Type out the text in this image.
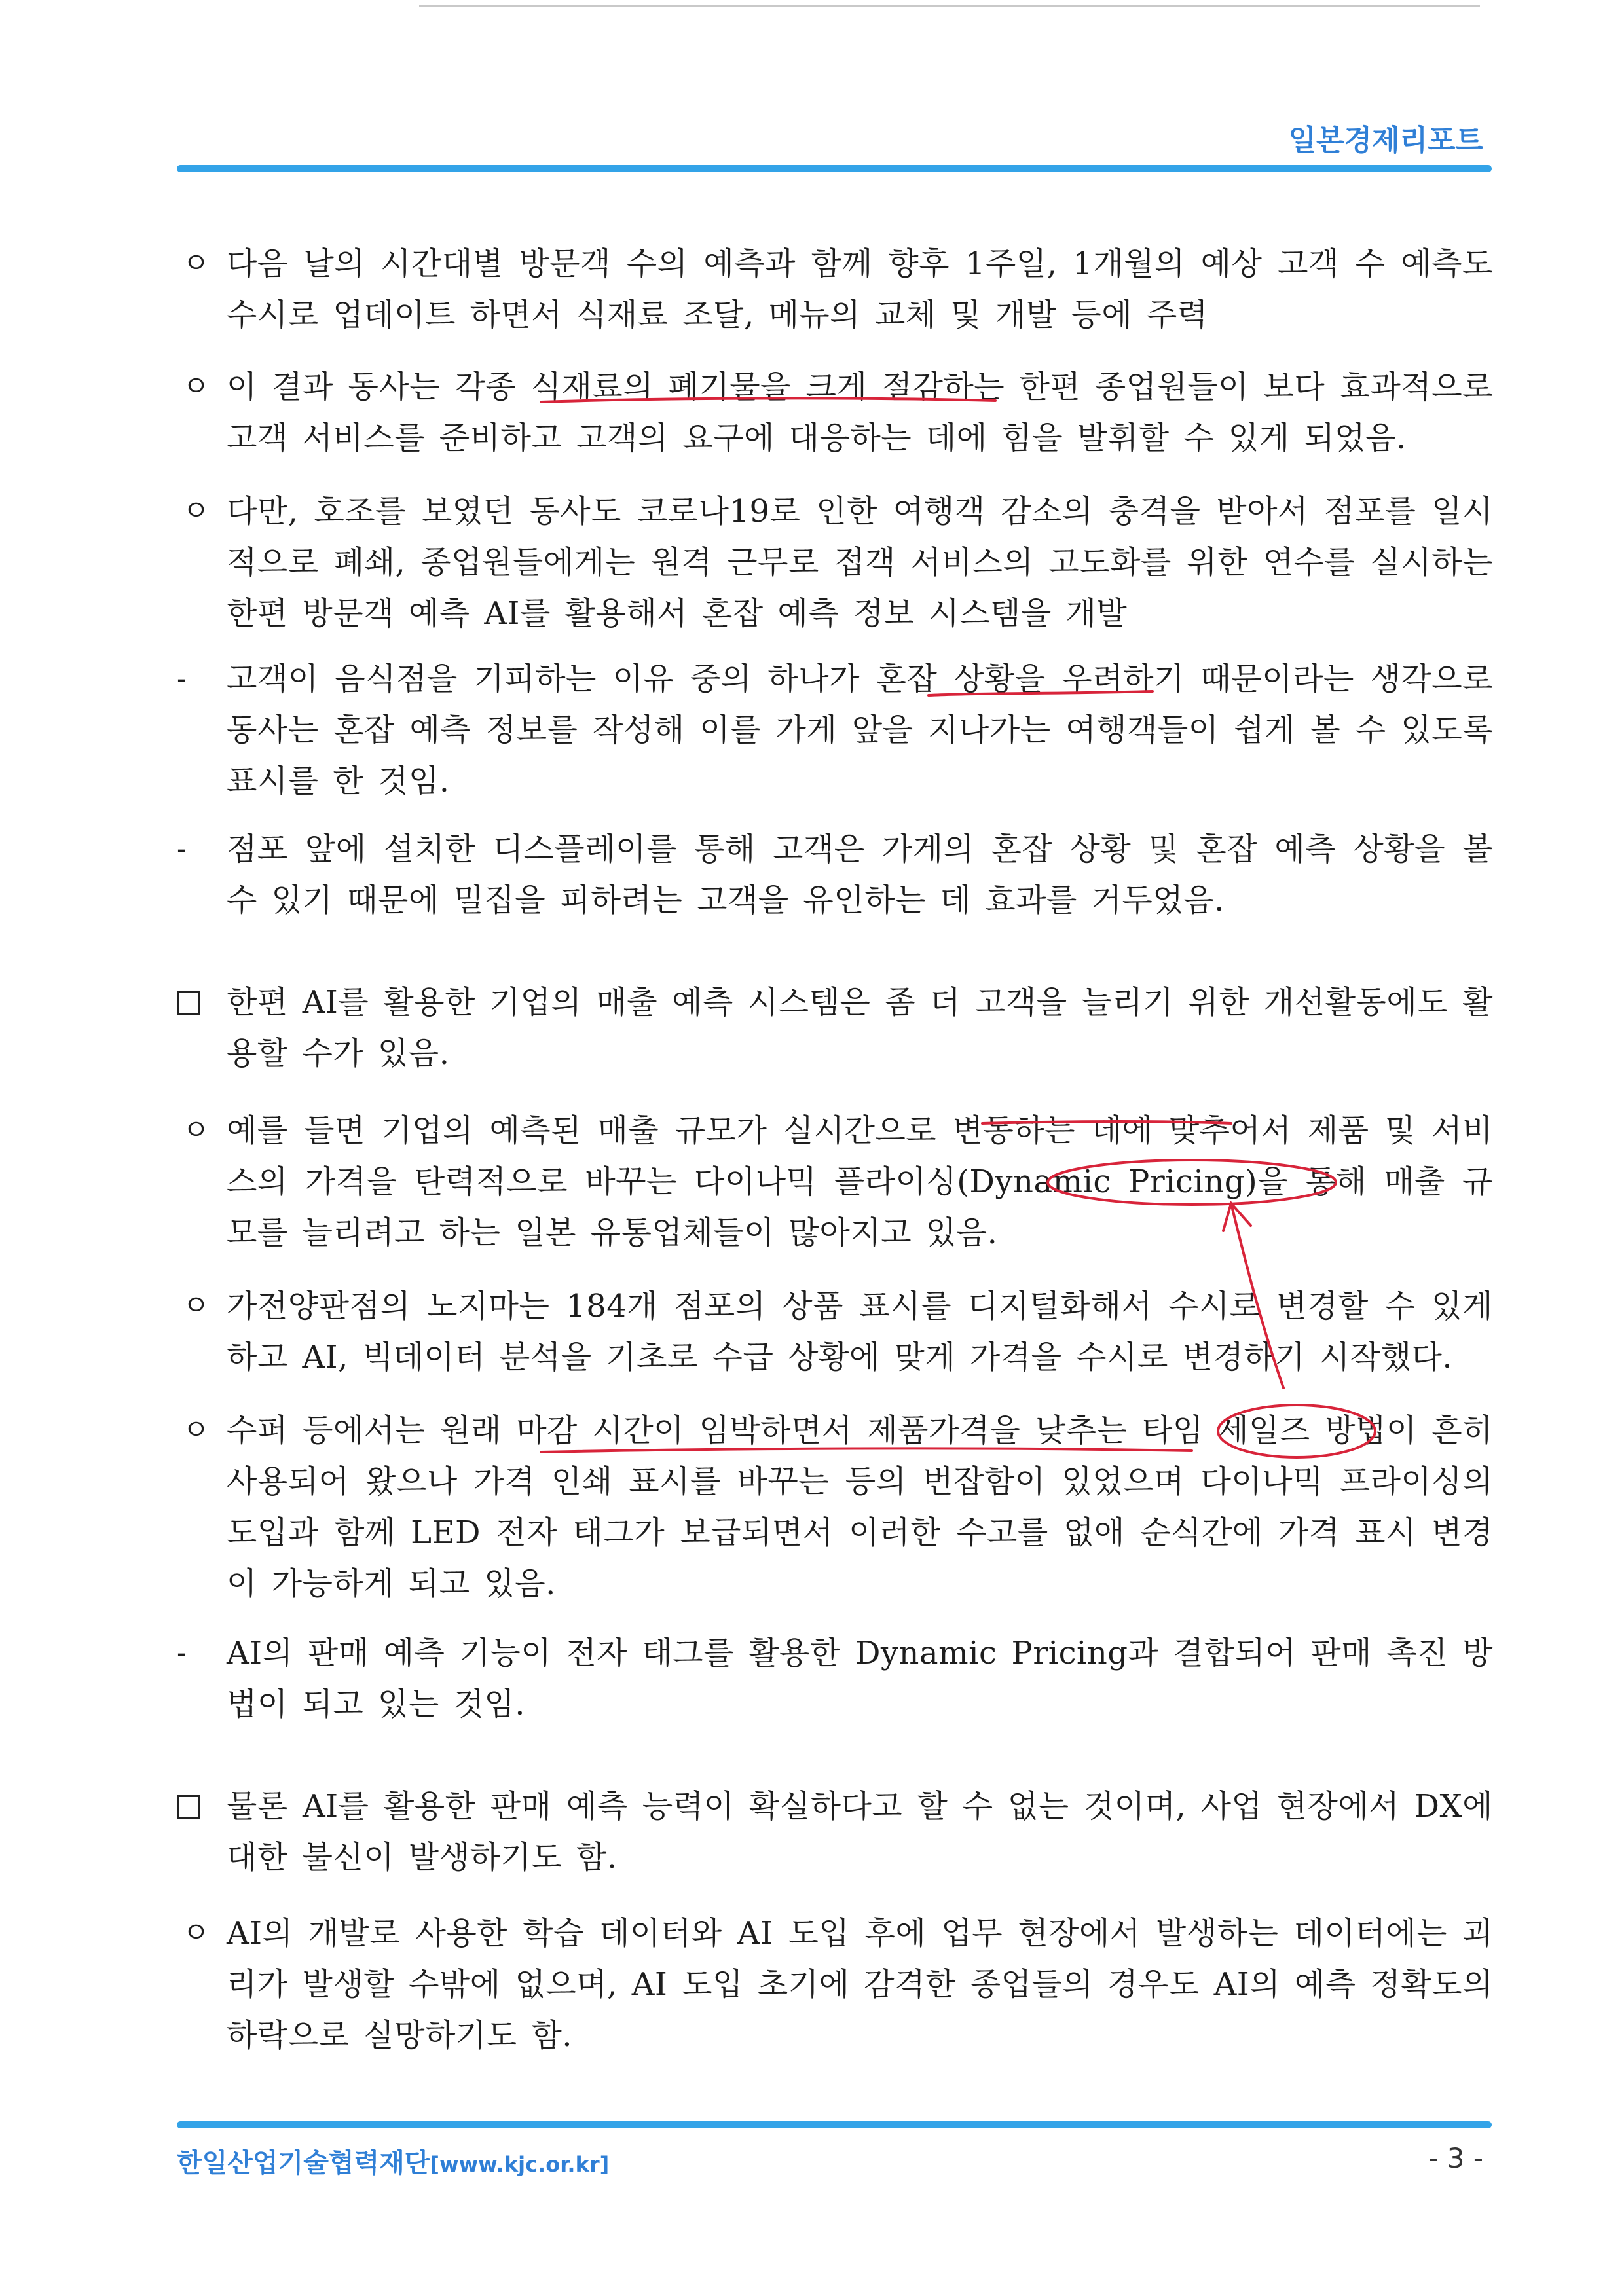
일본경제리포트
ㅇ 다음 날의 시간대별 방문객 수의 예측과 함께 향후 1주일, 1개월의 예상 고객 수 예측도 수시로 업데이트 하면서 식재료 조달, 메뉴의 교체 및 개발 등에 주력
ㅇ 이 결과 동사는 각종 식재료의 폐기물을 크게 절감하는 한편 종업원들이 보다 효과적으로 고객 서비스를 준비하고 고객의 요구에 대응하는 데에 힘을 발휘할 수 있게 되었음.
ㅇ 다만, 호조를 보였던 동사도 코로나19로 인한 여행객 감소의 충격을 받아서 점포를 일시적으로 폐쇄, 종업원들에게는 원격 근무로 접객 서비스의 고도화를 위한 연수를 실시하는 한편 방문객 예측 AI를 활용해서 혼잡 예측 정보 시스템을 개발
- 고객이 음식점을 기피하는 이유 중의 하나가 혼잡 상황을 우려하기 때문이라는 생각으로 동사는 혼잡 예측 정보를 작성해 이를 가게 앞을 지나가는 여행객들이 쉽게 볼 수 있도록 표시를 한 것임.
- 점포 앞에 설치한 디스플레이를 통해 고객은 가게의 혼잡 상황 및 혼잡 예측 상황을 볼 수 있기 때문에 밀집을 피하려는 고객을 유인하는 데 효과를 거두었음.
한편 AI를 활용한 기업의 매출 예측 시스템은 좀 더 고객을 늘리기 위한 개선활동에도 활용할 수가 있음.
ㅇ 예를 들면 기업의 예측된 매출 규모가 실시간으로 변동하는 데에 맞추어서 제품 및 서비스의 가격을 탄력적으로 바꾸는 다이나믹 플라이싱(Dynamic Pricing)을 통해 매출 규모를 늘리려고 하는 일본 유통업체들이 많아지고 있음.
ㅇ 가전양판점의 노지마는 184개 점포의 상품 표시를 디지털화해서 수시로 변경할 수 있게 하고 AI, 빅데이터 분석을 기초로 수급 상황에 맞게 가격을 수시로 변경하기 시작했다.
ㅇ 수퍼 등에서는 원래 마감 시간이 임박하면서 제품가격을 낮추는 타임 세일즈 방법이 흔히 사용되어 왔으나 가격 인쇄 표시를 바꾸는 등의 번잡함이 있었으며 다이나믹 프라이싱의 도입과 함께 LED 전자 태그가 보급되면서 이러한 수고를 없애 순식간에 가격 표시 변경이 가능하게 되고 있음.
- AI의 판매 예측 기능이 전자 태그를 활용한 Dynamic Pricing과 결합되어 판매 촉진 방법이 되고 있는 것임.
물론 AI를 활용한 판매 예측 능력이 확실하다고 할 수 없는 것이며, 사업 현장에서 DX에 대한 불신이 발생하기도 함.
ㅇ AI의 개발로 사용한 학습 데이터와 AI 도입 후에 업무 현장에서 발생하는 데이터에는 괴리가 발생할 수밖에 없으며, AI 도입 초기에 감격한 종업들의 경우도 AI의 예측 정확도의 하락으로 실망하기도 함.
한일산업기술협력재단[www.kjc.or.kr]	- 3 -
